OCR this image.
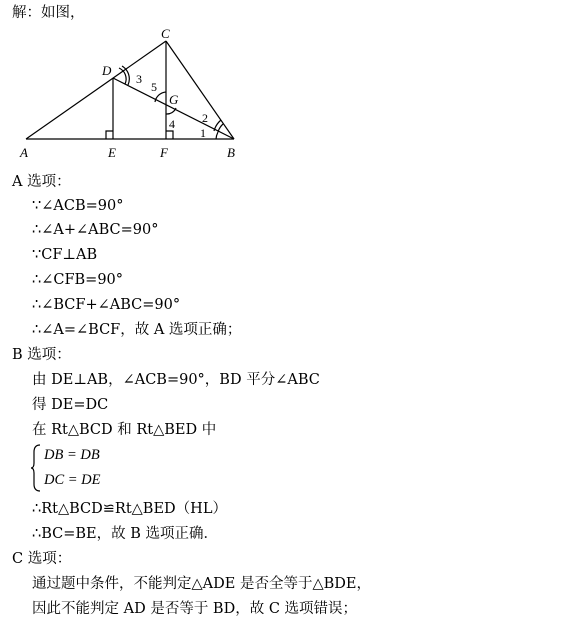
解：如图，
C
D
G
A	E	F	B
3
5
4 2
1
A 选项：
∵∠ACB=90°
∴∠A+∠ABC=90°
∵CF⊥AB
∴∠CFB=90°
∴∠BCF+∠ABC=90°
∴∠A=∠BCF，故 A 选项正确；
B 选项：
由 DE⊥AB，∠ACB=90°，BD 平分∠ABC
得 DE=DC
在 Rt△BCD 和 Rt△BED 中
DB = DB
DC = DE
∴Rt△BCD≌Rt△BED（HL）
∴BC=BE，故 B 选项正确．
C 选项：
通过题中条件，不能判定△ADE 是否全等于△BDE，
因此不能判定 AD 是否等于 BD，故 C 选项错误；
